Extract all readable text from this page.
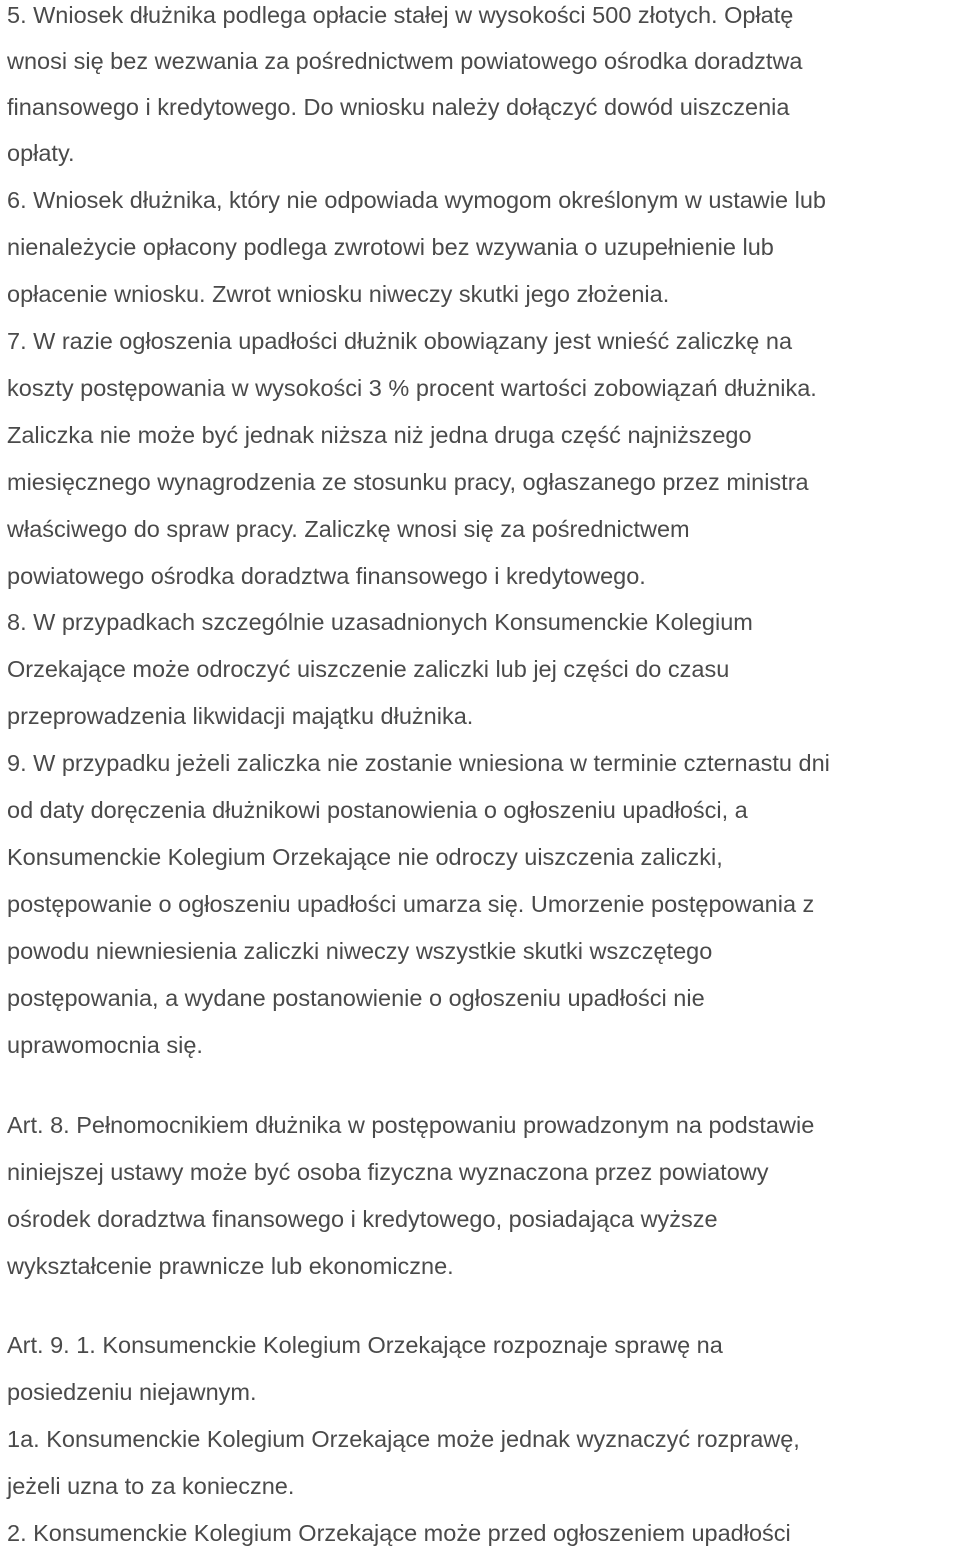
5. Wniosek dłużnika podlega opłacie stałej w wysokości 500 złotych. Opłatę
wnosi się bez wezwania za pośrednictwem powiatowego ośrodka doradztwa
finansowego i kredytowego. Do wniosku należy dołączyć dowód uiszczenia
opłaty.
6. Wniosek dłużnika, który nie odpowiada wymogom określonym w ustawie lub
nienależycie opłacony podlega zwrotowi bez wzywania o uzupełnienie lub
opłacenie wniosku. Zwrot wniosku niweczy skutki jego złożenia.
7. W razie ogłoszenia upadłości dłużnik obowiązany jest wnieść zaliczkę na
koszty postępowania w wysokości 3 % procent wartości zobowiązań dłużnika.
Zaliczka nie może być jednak niższa niż jedna druga część najniższego
miesięcznego wynagrodzenia ze stosunku pracy, ogłaszanego przez ministra
właściwego do spraw pracy. Zaliczkę wnosi się za pośrednictwem
powiatowego ośrodka doradztwa finansowego i kredytowego.
8. W przypadkach szczególnie uzasadnionych Konsumenckie Kolegium
Orzekające może odroczyć uiszczenie zaliczki lub jej części do czasu
przeprowadzenia likwidacji majątku dłużnika.
9. W przypadku jeżeli zaliczka nie zostanie wniesiona w terminie czternastu dni
od daty doręczenia dłużnikowi postanowienia o ogłoszeniu upadłości, a
Konsumenckie Kolegium Orzekające nie odroczy uiszczenia zaliczki,
postępowanie o ogłoszeniu upadłości umarza się. Umorzenie postępowania z
powodu niewniesienia zaliczki niweczy wszystkie skutki wszczętego
postępowania, a wydane postanowienie o ogłoszeniu upadłości nie
uprawomocnia się.
Art. 8. Pełnomocnikiem dłużnika w postępowaniu prowadzonym na podstawie
niniejszej ustawy może być osoba fizyczna wyznaczona przez powiatowy
ośrodek doradztwa finansowego i kredytowego, posiadająca wyższe
wykształcenie prawnicze lub ekonomiczne.
Art. 9. 1. Konsumenckie Kolegium Orzekające rozpoznaje sprawę na
posiedzeniu niejawnym.
1a. Konsumenckie Kolegium Orzekające może jednak wyznaczyć rozprawę,
jeżeli uzna to za konieczne.
2. Konsumenckie Kolegium Orzekające może przed ogłoszeniem upadłości
